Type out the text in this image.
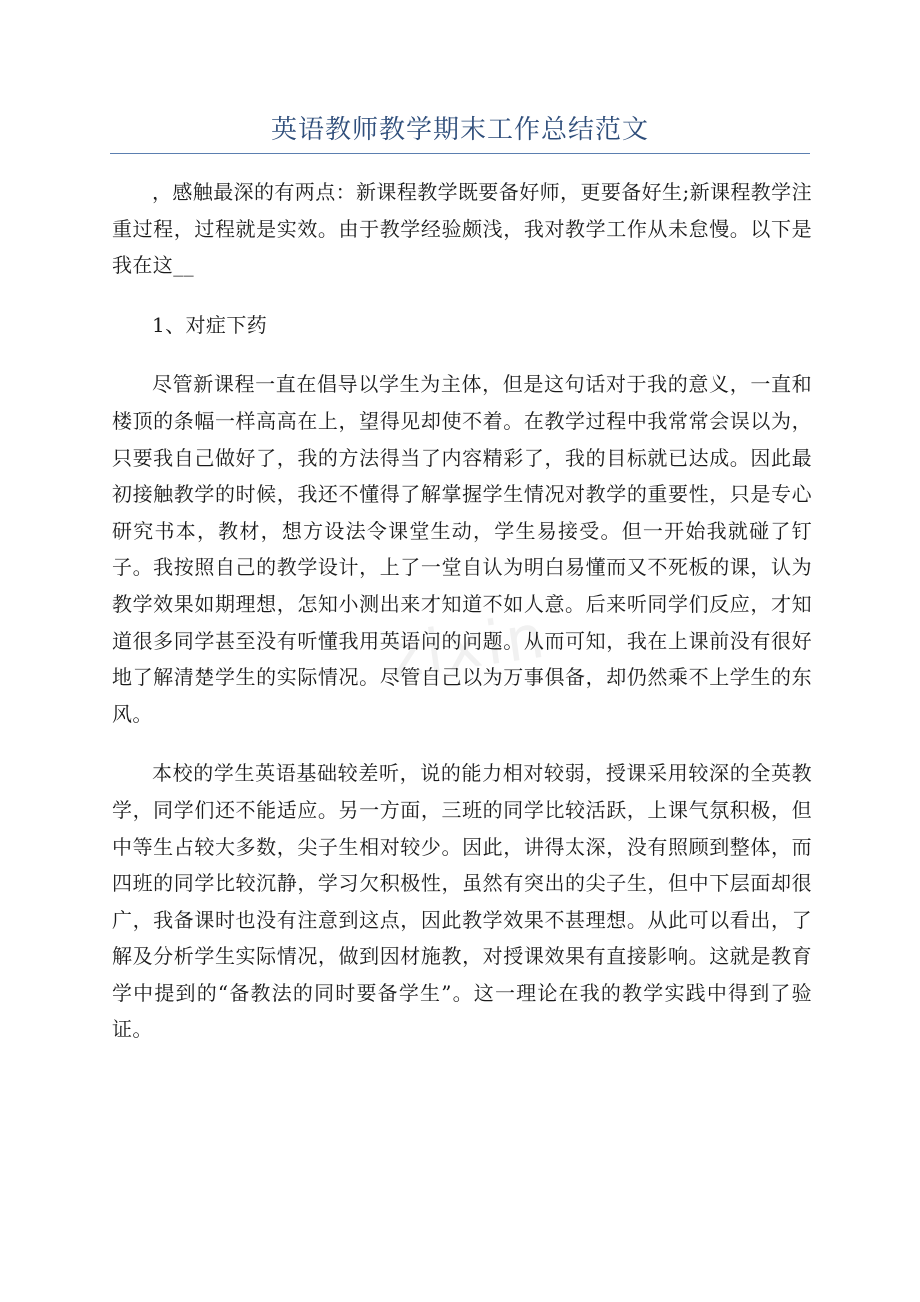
英语教师教学期末工作总结范文
zixin

，感触最深的有两点：新课程教学既要备好师，更要备好生;新课程教学注重过程，过程就是实效。由于教学经验颇浅，我对教学工作从未怠慢。以下是我在这__

1、对症下药

尽管新课程一直在倡导以学生为主体，但是这句话对于我的意义，一直和楼顶的条幅一样高高在上，望得见却使不着。在教学过程中我常常会误以为，只要我自己做好了，我的方法得当了内容精彩了，我的目标就已达成。因此最初接触教学的时候，我还不懂得了解掌握学生情况对教学的重要性，只是专心研究书本，教材，想方设法令课堂生动，学生易接受。但一开始我就碰了钉子。我按照自己的教学设计，上了一堂自认为明白易懂而又不死板的课，认为教学效果如期理想，怎知小测出来才知道不如人意。后来听同学们反应，才知道很多同学甚至没有听懂我用英语问的问题。从而可知，我在上课前没有很好地了解清楚学生的实际情况。尽管自己以为万事俱备，却仍然乘不上学生的东风。

本校的学生英语基础较差听，说的能力相对较弱，授课采用较深的全英教学，同学们还不能适应。另一方面，三班的同学比较活跃，上课气氛积极，但中等生占较大多数，尖子生相对较少。因此，讲得太深，没有照顾到整体，而四班的同学比较沉静，学习欠积极性，虽然有突出的尖子生，但中下层面却很广，我备课时也没有注意到这点，因此教学效果不甚理想。从此可以看出，了解及分析学生实际情况，做到因材施教，对授课效果有直接影响。这就是教育学中提到的“备教法的同时要备学生”。这一理论在我的教学实践中得到了验证。
